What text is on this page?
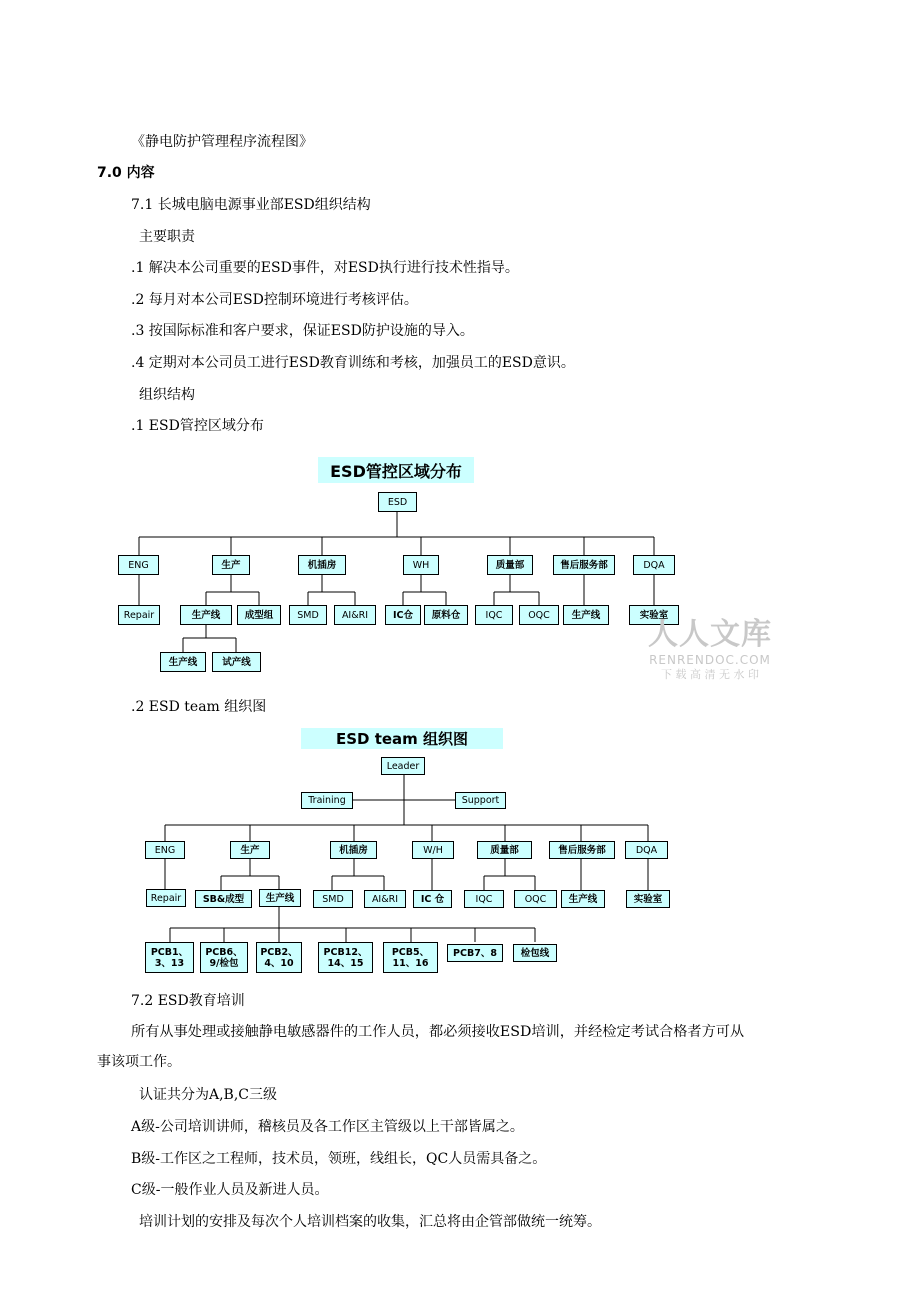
《静电防护管理程序流程图》
7.0 内容
7.1 长城电脑电源事业部ESD组织结构
主要职责
.1 解决本公司重要的ESD事件，对ESD执行进行技术性指导。
.2 每月对本公司ESD控制环境进行考核评估。
.3 按国际标准和客户要求，保证ESD防护设施的导入。
.4 定期对本公司员工进行ESD教育训练和考核，加强员工的ESD意识。
组织结构
.1 ESD管控区域分布
ESD管控区域分布
ESD
ENG	生产	机插房	WH	质量部	售后服务部	DQA
Repair	生产线	成型组	SMD	AI&RI	IC仓	原料仓	IQC	OQC	生产线	实验室
生产线	试产线
人人文库
RENRENDOC.COM
下 载 高 清 无 水 印
.2 ESD team 组织图
ESD team 组织图
Leader
Training	Support
ENG	生产	机插房	W/H	质量部	售后服务部	DQA
Repair	SB&成型	生产线	SMD	AI&RI	IC 仓	IQC	OQC	生产线	实验室
PCB1、
3、13
PCB6、
9/检包
PCB2、
4、10
PCB12、
14、15
PCB5、
11、16
PCB7、8	检包线
7.2 ESD教育培训
所有从事处理或接触静电敏感器件的工作人员，都必须接收ESD培训，并经检定考试合格者方可从
事该项工作。
认证共分为A,B,C三级
A级-公司培训讲师，稽核员及各工作区主管级以上干部皆属之。
B级-工作区之工程师，技术员，领班，线组长，QC人员需具备之。
C级-一般作业人员及新进人员。
培训计划的安排及每次个人培训档案的收集，汇总将由企管部做统一统筹。
